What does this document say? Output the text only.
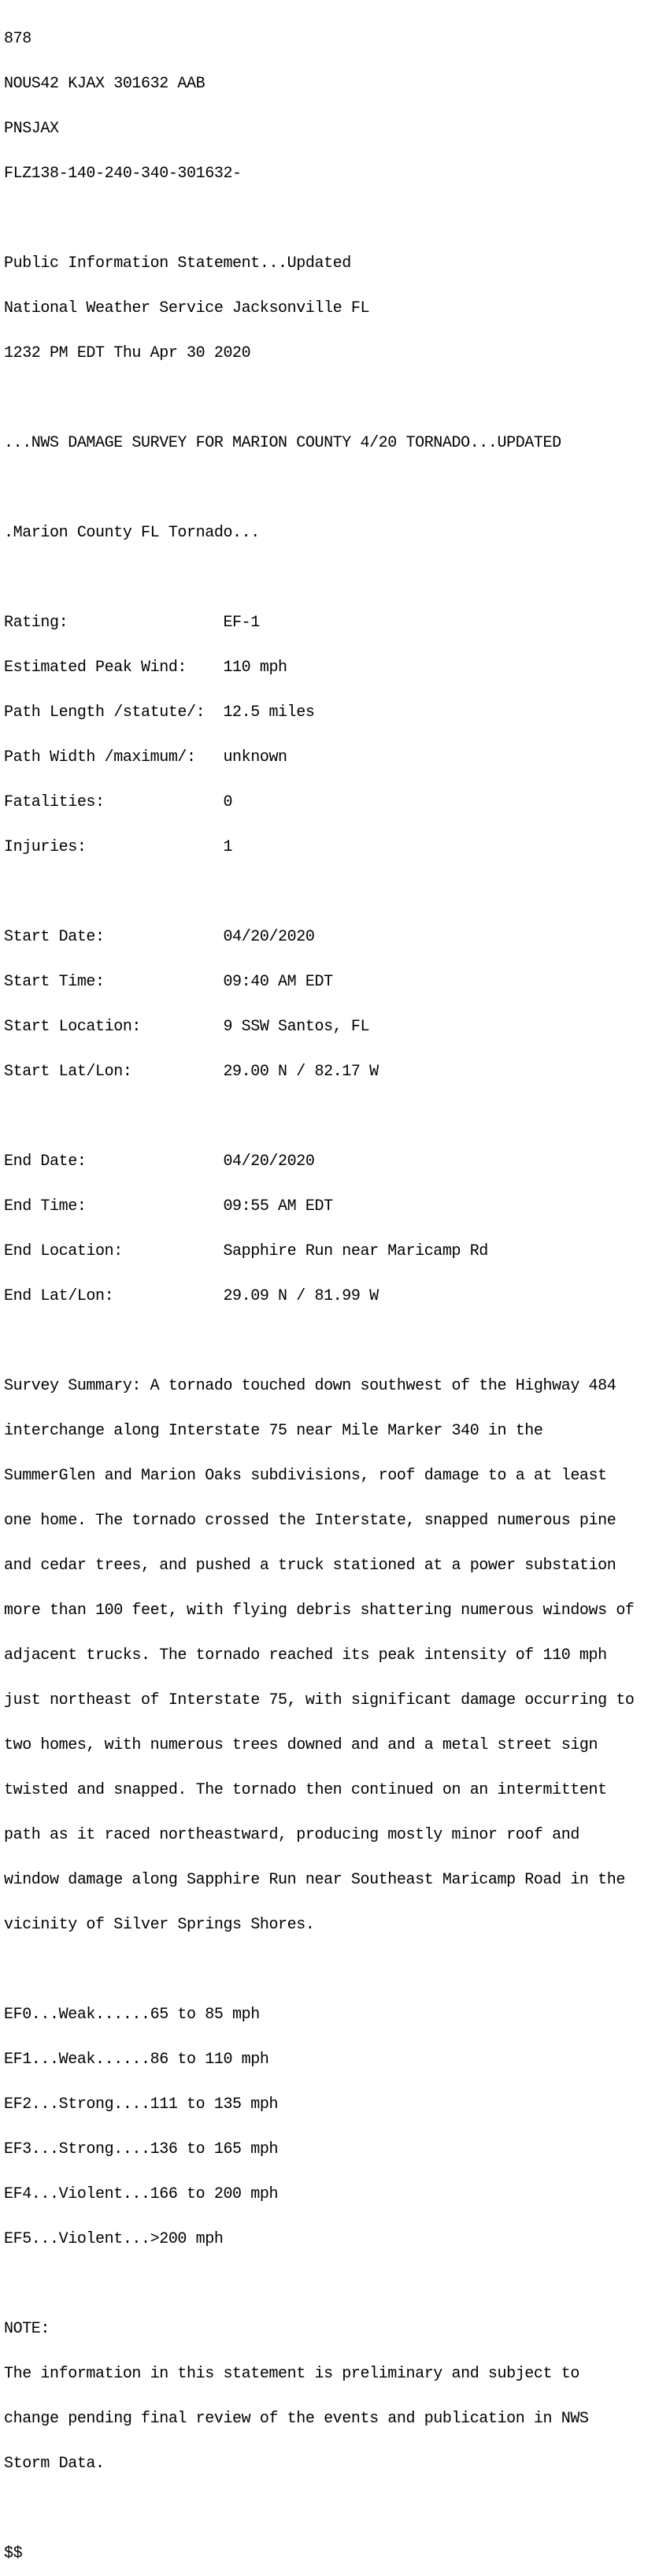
878

NOUS42 KJAX 301632 AAB

PNSJAX

FLZ138-140-240-340-301632-

Public Information Statement...Updated

National Weather Service Jacksonville FL

1232 PM EDT Thu Apr 30 2020

...NWS DAMAGE SURVEY FOR MARION COUNTY 4/20 TORNADO...UPDATED

.Marion County FL Tornado...

Rating:                 EF-1

Estimated Peak Wind:    110 mph

Path Length /statute/:  12.5 miles

Path Width /maximum/:   unknown

Fatalities:             0

Injuries:               1

Start Date:             04/20/2020

Start Time:             09:40 AM EDT

Start Location:         9 SSW Santos, FL

Start Lat/Lon:          29.00 N / 82.17 W

End Date:               04/20/2020

End Time:               09:55 AM EDT

End Location:           Sapphire Run near Maricamp Rd

End Lat/Lon:            29.09 N / 81.99 W

Survey Summary: A tornado touched down southwest of the Highway 484

interchange along Interstate 75 near Mile Marker 340 in the

SummerGlen and Marion Oaks subdivisions, roof damage to a at least

one home. The tornado crossed the Interstate, snapped numerous pine

and cedar trees, and pushed a truck stationed at a power substation

more than 100 feet, with flying debris shattering numerous windows of

adjacent trucks. The tornado reached its peak intensity of 110 mph

just northeast of Interstate 75, with significant damage occurring to

two homes, with numerous trees downed and and a metal street sign

twisted and snapped. The tornado then continued on an intermittent

path as it raced northeastward, producing mostly minor roof and

window damage along Sapphire Run near Southeast Maricamp Road in the

vicinity of Silver Springs Shores.

EF0...Weak......65 to 85 mph

EF1...Weak......86 to 110 mph

EF2...Strong....111 to 135 mph

EF3...Strong....136 to 165 mph

EF4...Violent...166 to 200 mph

EF5...Violent...>200 mph

NOTE:

The information in this statement is preliminary and subject to

change pending final review of the events and publication in NWS

Storm Data.

$$
